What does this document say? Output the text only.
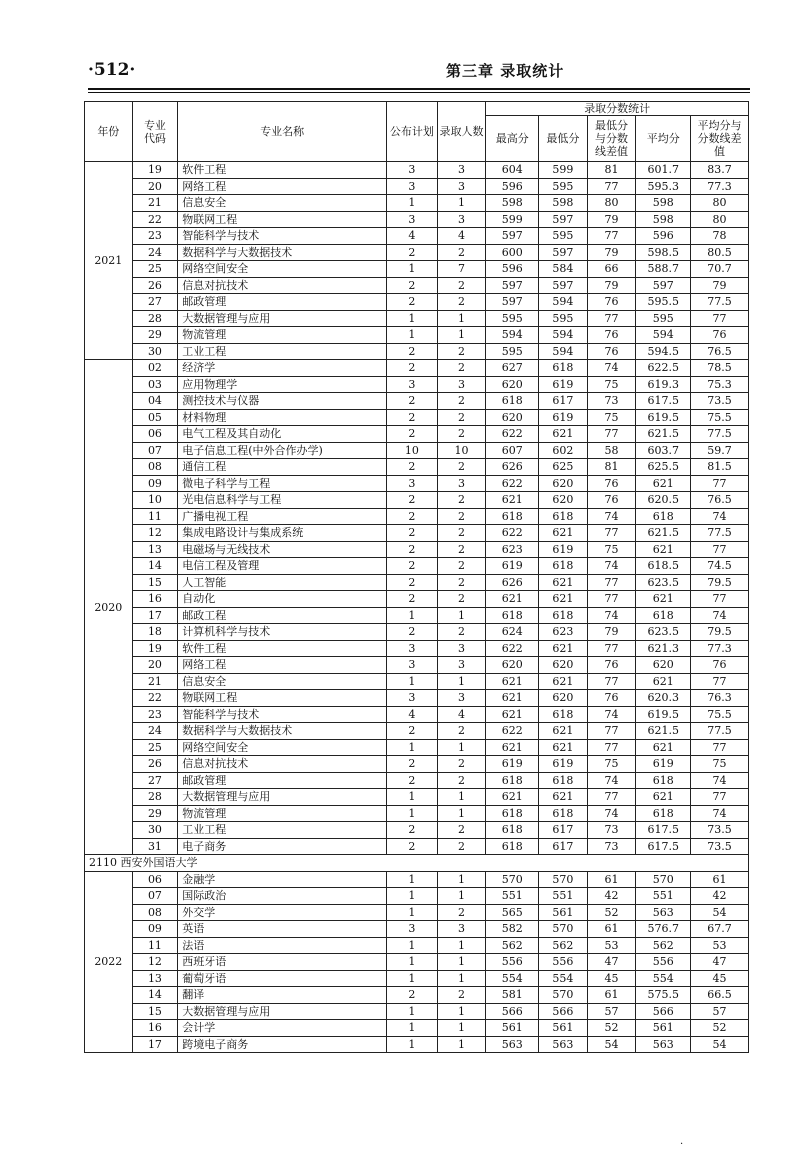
·512·	第三章 录取统计
年份	专业代码	专业名称	公布计划	录取人数	录取分数统计				
					最高分	最低分	最低分与分数线差值	平均分	平均分与分数线差值
2021	19	软件工程	3	3	604	599	81	601.7	83.7
	20	网络工程	3	3	596	595	77	595.3	77.3
	21	信息安全	1	1	598	598	80	598	80
	22	物联网工程	3	3	599	597	79	598	80
	23	智能科学与技术	4	4	597	595	77	596	78
	24	数据科学与大数据技术	2	2	600	597	79	598.5	80.5
	25	网络空间安全	1	7	596	584	66	588.7	70.7
	26	信息对抗技术	2	2	597	597	79	597	79
	27	邮政管理	2	2	597	594	76	595.5	77.5
	28	大数据管理与应用	1	1	595	595	77	595	77
	29	物流管理	1	1	594	594	76	594	76
	30	工业工程	2	2	595	594	76	594.5	76.5
2020	02	经济学	2	2	627	618	74	622.5	78.5
	03	应用物理学	3	3	620	619	75	619.3	75.3
	04	测控技术与仪器	2	2	618	617	73	617.5	73.5
	05	材料物理	2	2	620	619	75	619.5	75.5
	06	电气工程及其自动化	2	2	622	621	77	621.5	77.5
	07	电子信息工程(中外合作办学)	10	10	607	602	58	603.7	59.7
	08	通信工程	2	2	626	625	81	625.5	81.5
	09	微电子科学与工程	3	3	622	620	76	621	77
	10	光电信息科学与工程	2	2	621	620	76	620.5	76.5
	11	广播电视工程	2	2	618	618	74	618	74
	12	集成电路设计与集成系统	2	2	622	621	77	621.5	77.5
	13	电磁场与无线技术	2	2	623	619	75	621	77
	14	电信工程及管理	2	2	619	618	74	618.5	74.5
	15	人工智能	2	2	626	621	77	623.5	79.5
	16	自动化	2	2	621	621	77	621	77
	17	邮政工程	1	1	618	618	74	618	74
	18	计算机科学与技术	2	2	624	623	79	623.5	79.5
	19	软件工程	3	3	622	621	77	621.3	77.3
	20	网络工程	3	3	620	620	76	620	76
	21	信息安全	1	1	621	621	77	621	77
	22	物联网工程	3	3	621	620	76	620.3	76.3
	23	智能科学与技术	4	4	621	618	74	619.5	75.5
	24	数据科学与大数据技术	2	2	622	621	77	621.5	77.5
	25	网络空间安全	1	1	621	621	77	621	77
	26	信息对抗技术	2	2	619	619	75	619	75
	27	邮政管理	2	2	618	618	74	618	74
	28	大数据管理与应用	1	1	621	621	77	621	77
	29	物流管理	1	1	618	618	74	618	74
	30	工业工程	2	2	618	617	73	617.5	73.5
	31	电子商务	2	2	618	617	73	617.5	73.5
2110 西安外国语大学									
2022	06	金融学	1	1	570	570	61	570	61
	07	国际政治	1	1	551	551	42	551	42
	08	外交学	1	2	565	561	52	563	54
	09	英语	3	3	582	570	61	576.7	67.7
	11	法语	1	1	562	562	53	562	53
	12	西班牙语	1	1	556	556	47	556	47
	13	葡萄牙语	1	1	554	554	45	554	45
	14	翻译	2	2	581	570	61	575.5	66.5
	15	大数据管理与应用	1	1	566	566	57	566	57
	16	会计学	1	1	561	561	52	561	52
	17	跨境电子商务	1	1	563	563	54	563	54
.
